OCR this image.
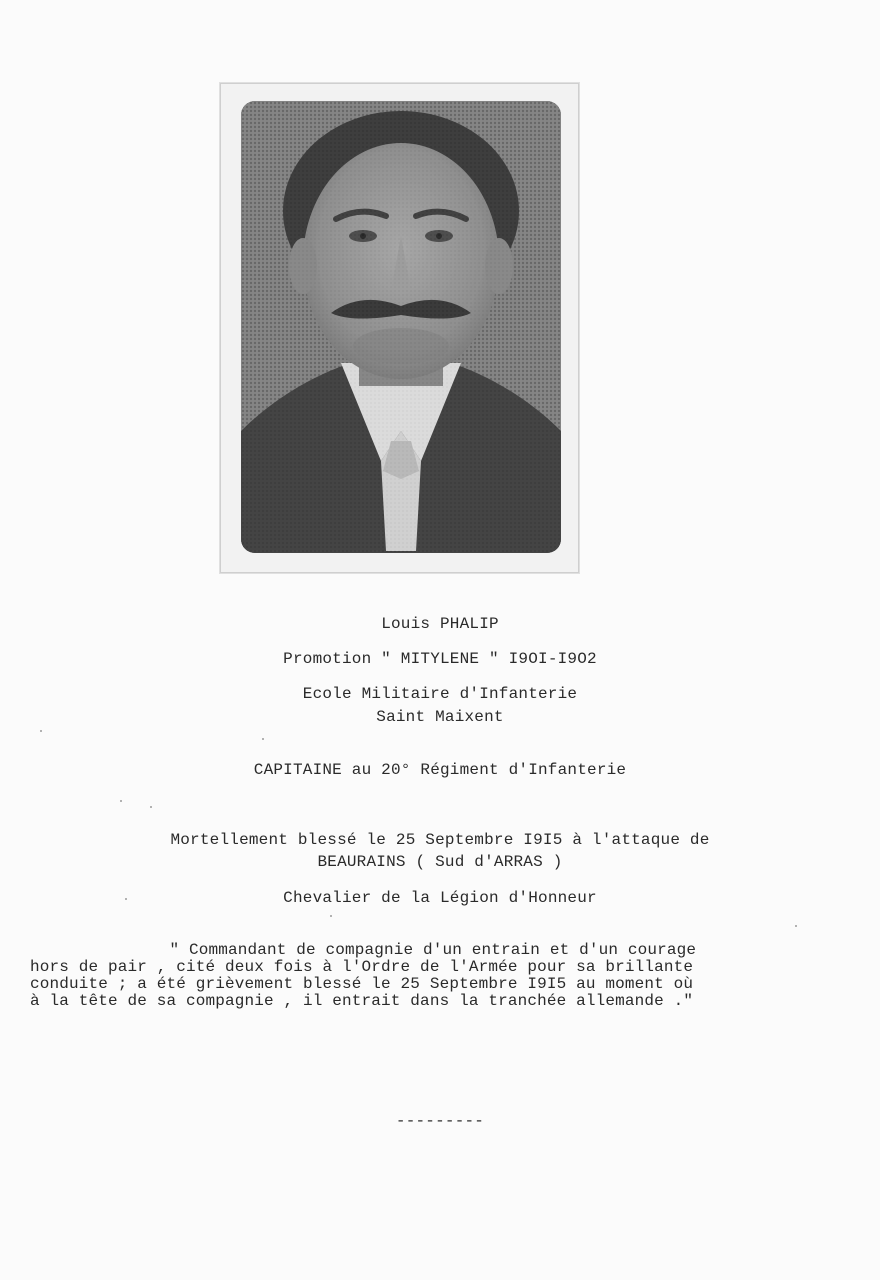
Louis PHALIP
Promotion " MITYLENE " I9OI-I9O2
Ecole Militaire d'Infanterie
Saint Maixent
CAPITAINE au 20° Régiment d'Infanterie
Mortellement blessé le 25 Septembre I9I5 à l'attaque de
BEAURAINS ( Sud d'ARRAS )
Chevalier de la Légion d'Honneur
" Commandant de compagnie d'un entrain et d'un courage
hors de pair , cité deux fois à l'Ordre de l'Armée pour sa brillante
conduite ; a été grièvement blessé le 25 Septembre I9I5 au moment où
à la tête de sa compagnie , il entrait dans la tranchée allemande ."
---------
